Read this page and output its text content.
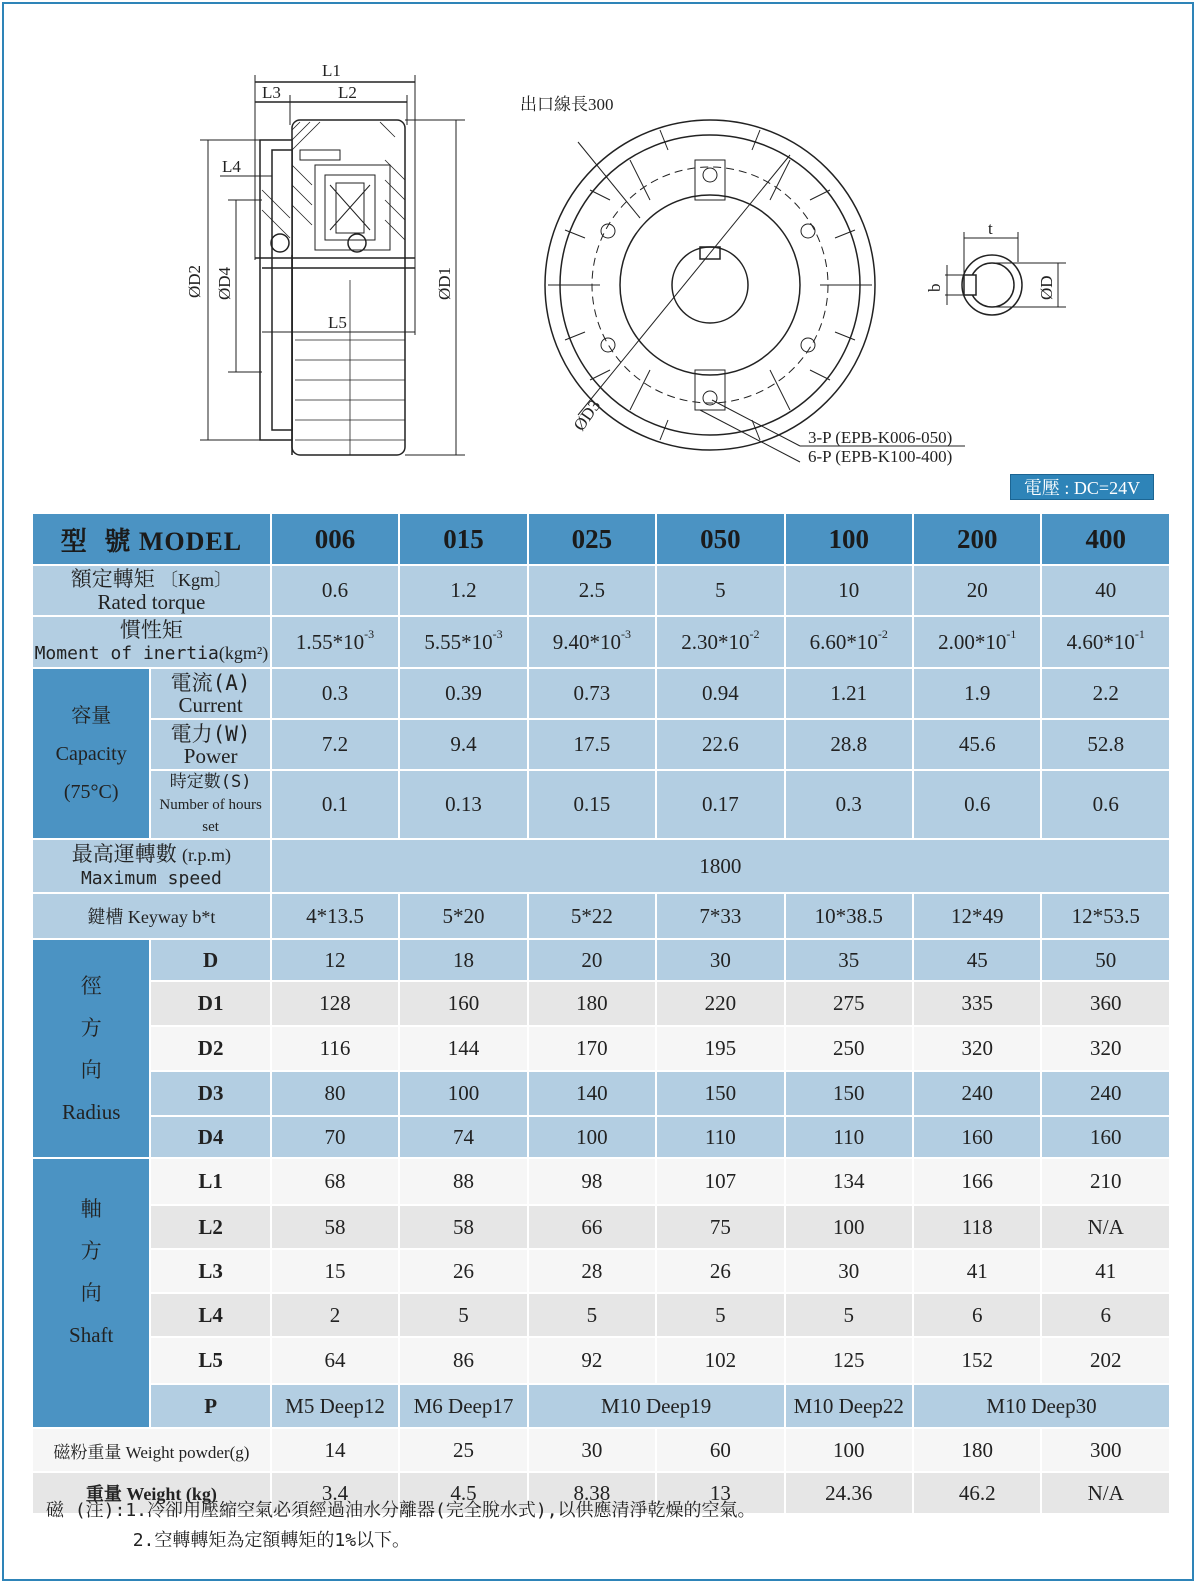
L1
L3	L2
L4
L5
ØD2 ØD4	ØD1
出口線長300
ØD3
3-P (EPB-K006-050)
6-P (EPB-K100-400)
t
b	ØD
電壓 : DC=24V
型 號 MODEL		006	015	025	050	100	200	400
額定轉矩 〔Kgm〕
Rated torque		0.6	1.2	2.5	5	10	20	40
慣性矩
Moment of inertia(kgm²)		$1.55*10^{-3}$	$5.55*10^{-3}$	$9.40*10^{-3}$	$2.30*10^{-2}$	$6.60*10^{-2}$	$2.00*10^{-1}$	$4.60*10^{-1}$
容量
Capacity
(75°C)	電流(A)
Current	0.3	0.39	0.73	0.94	1.21	1.9	2.2
	電力(W)
Power	7.2	9.4	17.5	22.6	28.8	45.6	52.8
	時定數(S)
Number of hours set	0.1	0.13	0.15	0.17	0.3	0.6	0.6
最高運轉數 (r.p.m)
Maximum speed		1800						
鍵槽 Keyway b*t		4*13.5	5*20	5*22	7*33	10*38.5	12*49	12*53.5
徑
方
向
Radius	D	12	18	20	30	35	45	50
	D1	128	160	180	220	275	335	360
	D2	116	144	170	195	250	320	320
	D3	80	100	140	150	150	240	240
	D4	70	74	100	110	110	160	160
軸
方
向
Shaft	L1	68	88	98	107	134	166	210
	L2	58	58	66	75	100	118	N/A
	L3	15	26	28	26	30	41	41
	L4	2	5	5	5	5	6	6
	L5	64	86	92	102	125	152	202
	P	M5 Deep12	M6 Deep17	M10 Deep19		M10 Deep22	M10 Deep30	
磁粉重量 Weight powder(g)		14	25	30	60	100	180	300
重量 Weight (kg)		3.4	4.5	8.38	13	24.36	46.2	N/A
磁 (注):1.冷卻用壓縮空氣必須經過油水分離器(完全脫水式),以供應清淨乾燥的空氣。
2.空轉轉矩為定額轉矩的1%以下。
